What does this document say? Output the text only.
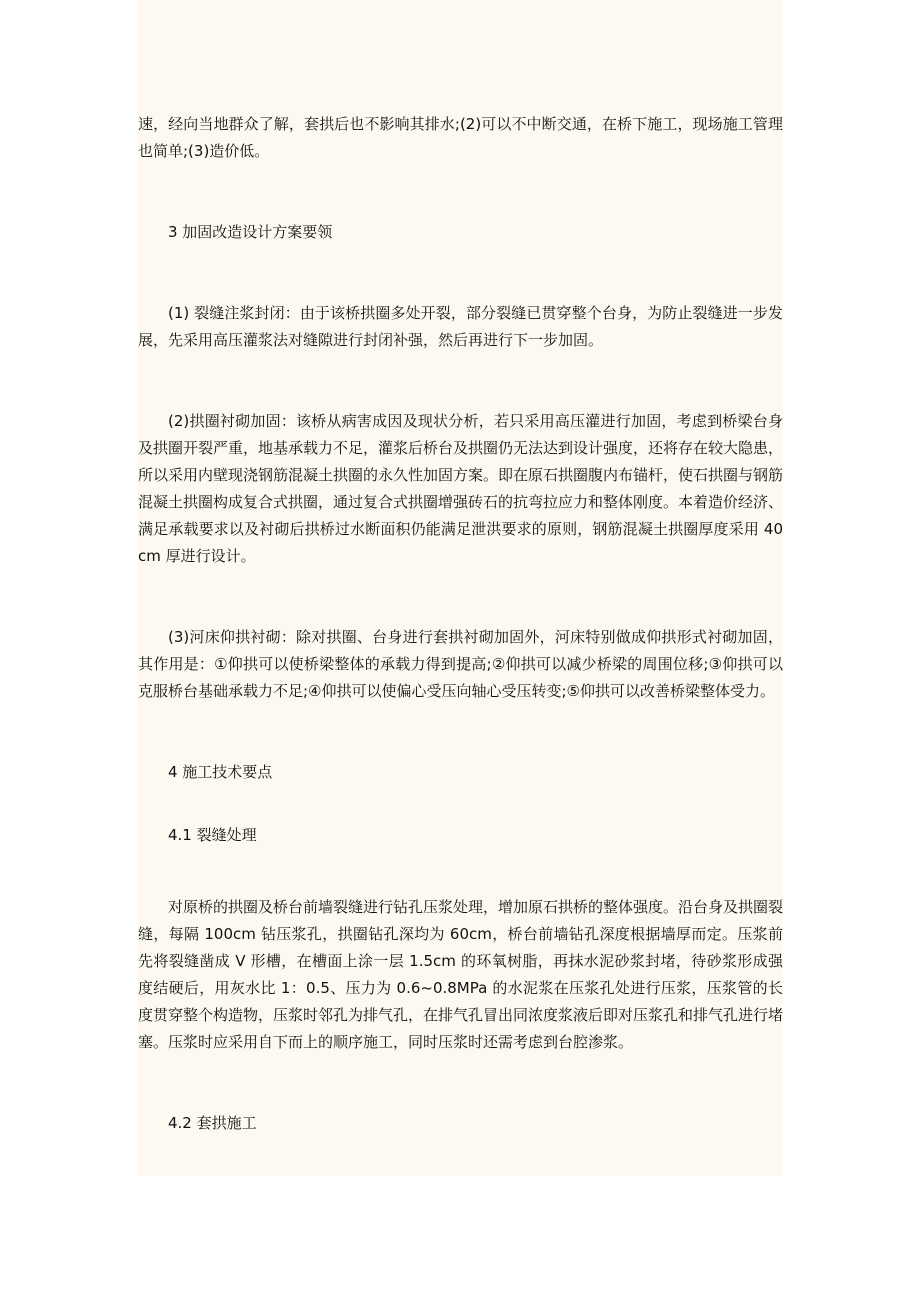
速，经向当地群众了解，套拱后也不影响其排水;(2)可以不中断交通，在桥下施工，现场施工管理也简单;(3)造价低。

3 加固改造设计方案要领

(1) 裂缝注浆封闭：由于该桥拱圈多处开裂，部分裂缝已贯穿整个台身，为防止裂缝进一步发展，先采用高压灌浆法对缝隙进行封闭补强，然后再进行下一步加固。

(2)拱圈衬砌加固：该桥从病害成因及现状分析，若只采用高压灌进行加固，考虑到桥梁台身及拱圈开裂严重，地基承载力不足，灌浆后桥台及拱圈仍无法达到设计强度，还将存在较大隐患，所以采用内壁现浇钢筋混凝土拱圈的永久性加固方案。即在原石拱圈腹内布锚杆，使石拱圈与钢筋混凝土拱圈构成复合式拱圈，通过复合式拱圈增强砖石的抗弯拉应力和整体刚度。本着造价经济、满足承载要求以及衬砌后拱桥过水断面积仍能满足泄洪要求的原则，钢筋混凝土拱圈厚度采用 40cm 厚进行设计。

(3)河床仰拱衬砌：除对拱圈、台身进行套拱衬砌加固外，河床特别做成仰拱形式衬砌加固，其作用是：①仰拱可以使桥梁整体的承载力得到提高;②仰拱可以减少桥梁的周围位移;③仰拱可以克服桥台基础承载力不足;④仰拱可以使偏心受压向轴心受压转变;⑤仰拱可以改善桥梁整体受力。

4 施工技术要点

4.1 裂缝处理

对原桥的拱圈及桥台前墙裂缝进行钻孔压浆处理，增加原石拱桥的整体强度。沿台身及拱圈裂缝，每隔 100cm 钻压浆孔，拱圈钻孔深均为 60cm，桥台前墙钻孔深度根据墙厚而定。压浆前先将裂缝凿成 V 形槽，在槽面上涂一层 1.5cm 的环氧树脂，再抹水泥砂浆封堵，待砂浆形成强度结硬后，用灰水比 1：0.5、压力为 0.6~0.8MPa 的水泥浆在压浆孔处进行压浆，压浆管的长度贯穿整个构造物，压浆时邻孔为排气孔，在排气孔冒出同浓度浆液后即对压浆孔和排气孔进行堵塞。压浆时应采用自下而上的顺序施工，同时压浆时还需考虑到台腔渗浆。

4.2 套拱施工
